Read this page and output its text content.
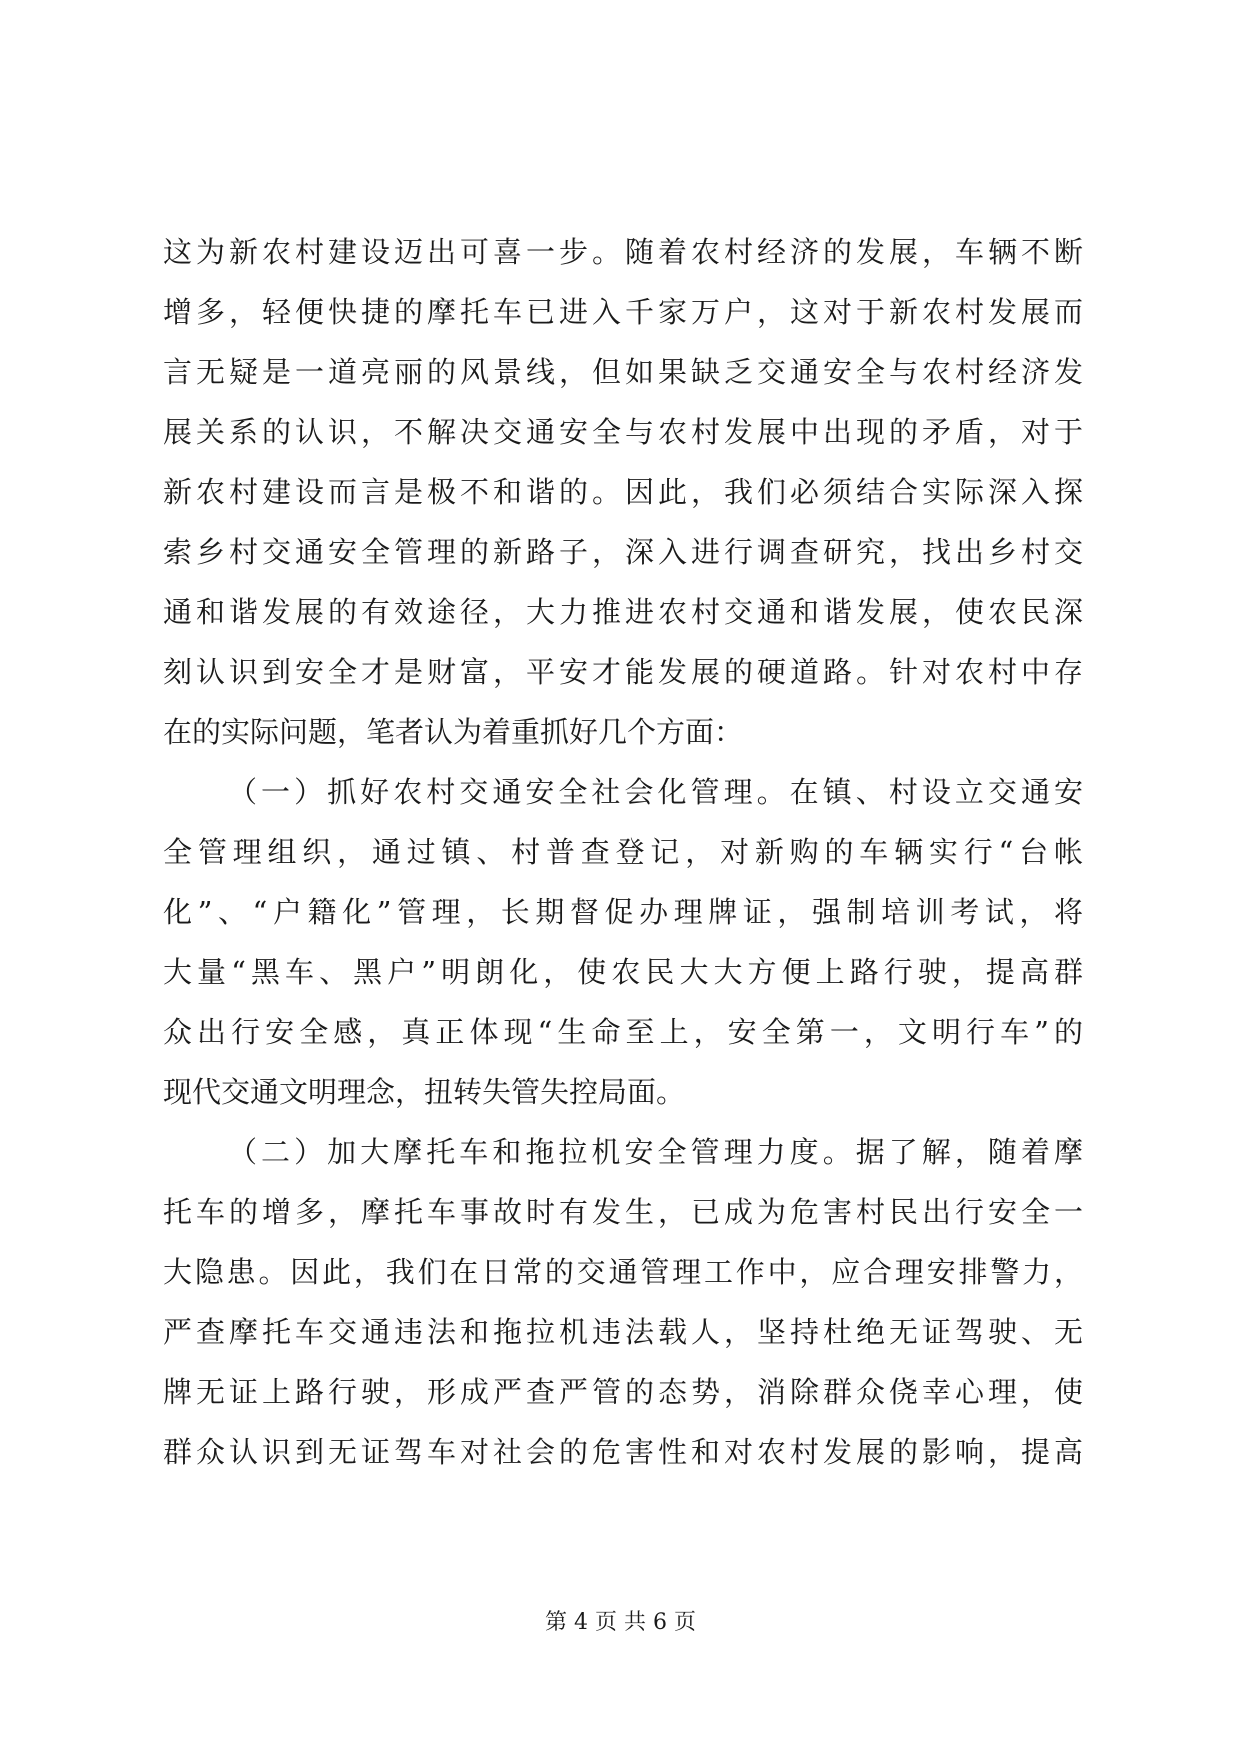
这为新农村建设迈出可喜一步。随着农村经济的发展，车辆不断
增多，轻便快捷的摩托车已进入千家万户，这对于新农村发展而
言无疑是一道亮丽的风景线，但如果缺乏交通安全与农村经济发
展关系的认识，不解决交通安全与农村发展中出现的矛盾，对于
新农村建设而言是极不和谐的。因此，我们必须结合实际深入探
索乡村交通安全管理的新路子，深入进行调查研究，找出乡村交
通和谐发展的有效途径，大力推进农村交通和谐发展，使农民深
刻认识到安全才是财富，平安才能发展的硬道路。针对农村中存
在的实际问题，笔者认为着重抓好几个方面：
（一）抓好农村交通安全社会化管理。在镇、村设立交通安
全管理组织，通过镇、村普查登记，对新购的车辆实行“台帐
化”、“户籍化”管理，长期督促办理牌证，强制培训考试，将
大量“黑车、黑户”明朗化，使农民大大方便上路行驶，提高群
众出行安全感，真正体现“生命至上，安全第一，文明行车”的
现代交通文明理念，扭转失管失控局面。
（二）加大摩托车和拖拉机安全管理力度。据了解，随着摩
托车的增多，摩托车事故时有发生，已成为危害村民出行安全一
大隐患。因此，我们在日常的交通管理工作中，应合理安排警力，
严查摩托车交通违法和拖拉机违法载人，坚持杜绝无证驾驶、无
牌无证上路行驶，形成严查严管的态势，消除群众侥幸心理，使
群众认识到无证驾车对社会的危害性和对农村发展的影响，提高
第 4 页 共 6 页
